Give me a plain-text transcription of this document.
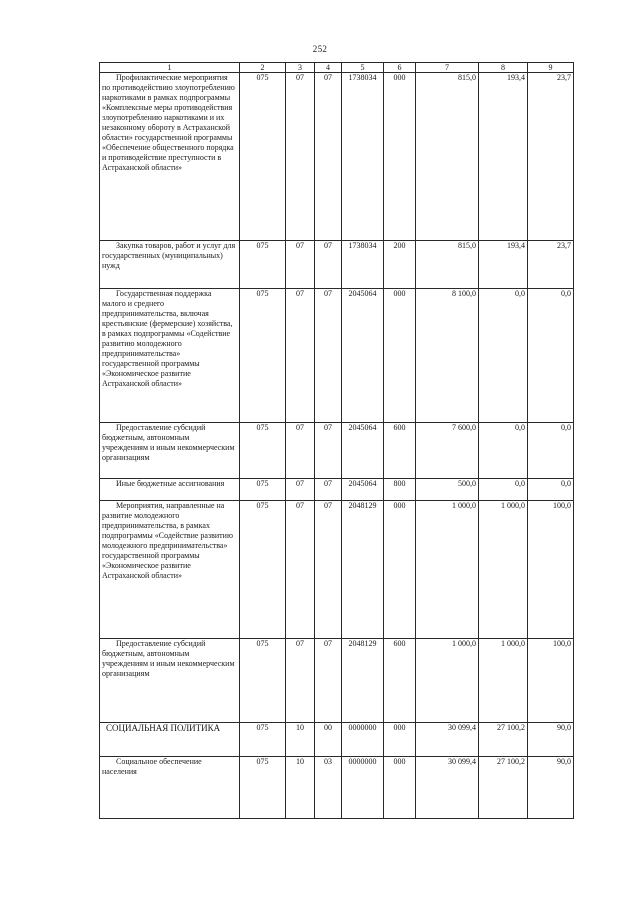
252
1	2	3	4	5	6	7	8	9

Профилактические мероприятия по противодействию злоупотреблению наркотиками в рамках подпрограммы «Комплексные меры противодействия злоупотреблению наркотиками и их незаконному обороту в Астраханской области» государственной программы «Обеспечение общественного порядка и противодействие преступности в Астраханской области»	075	07	07	1738034	000	815,0	193,4	23,7

Закупка товаров, работ и услуг для государственных (муниципальных) нужд	075	07	07	1738034	200	815,0	193,4	23,7

Государственная поддержка малого и среднего предпринимательства, включая крестьянские (фермерские) хозяйства, в рамках подпрограммы «Содействие развитию молодежного предпринимательства» государственной программы «Экономическое развитие Астраханской области»	075	07	07	2045064	000	8 100,0	0,0	0,0

Предоставление субсидий бюджетным, автономным учреждениям и иным некоммерческим организациям	075	07	07	2045064	600	7 600,0	0,0	0,0

Иные бюджетные ассигнования	075	07	07	2045064	800	500,0	0,0	0,0

Мероприятия, направленные на развитие молодежного предпринимательства, в рамках подпрограммы «Содействие развитию молодежного предпринимательства» государственной программы «Экономическое развитие Астраханской области»	075	07	07	2048129	000	1 000,0	1 000,0	100,0

Предоставление субсидий бюджетным, автономным учреждениям и иным некоммерческим организациям	075	07	07	2048129	600	1 000,0	1 000,0	100,0

СОЦИАЛЬНАЯ ПОЛИТИКА	075	10	00	0000000	000	30 099,4	27 100,2	90,0

Социальное обеспечение населения	075	10	03	0000000	000	30 099,4	27 100,2	90,0
